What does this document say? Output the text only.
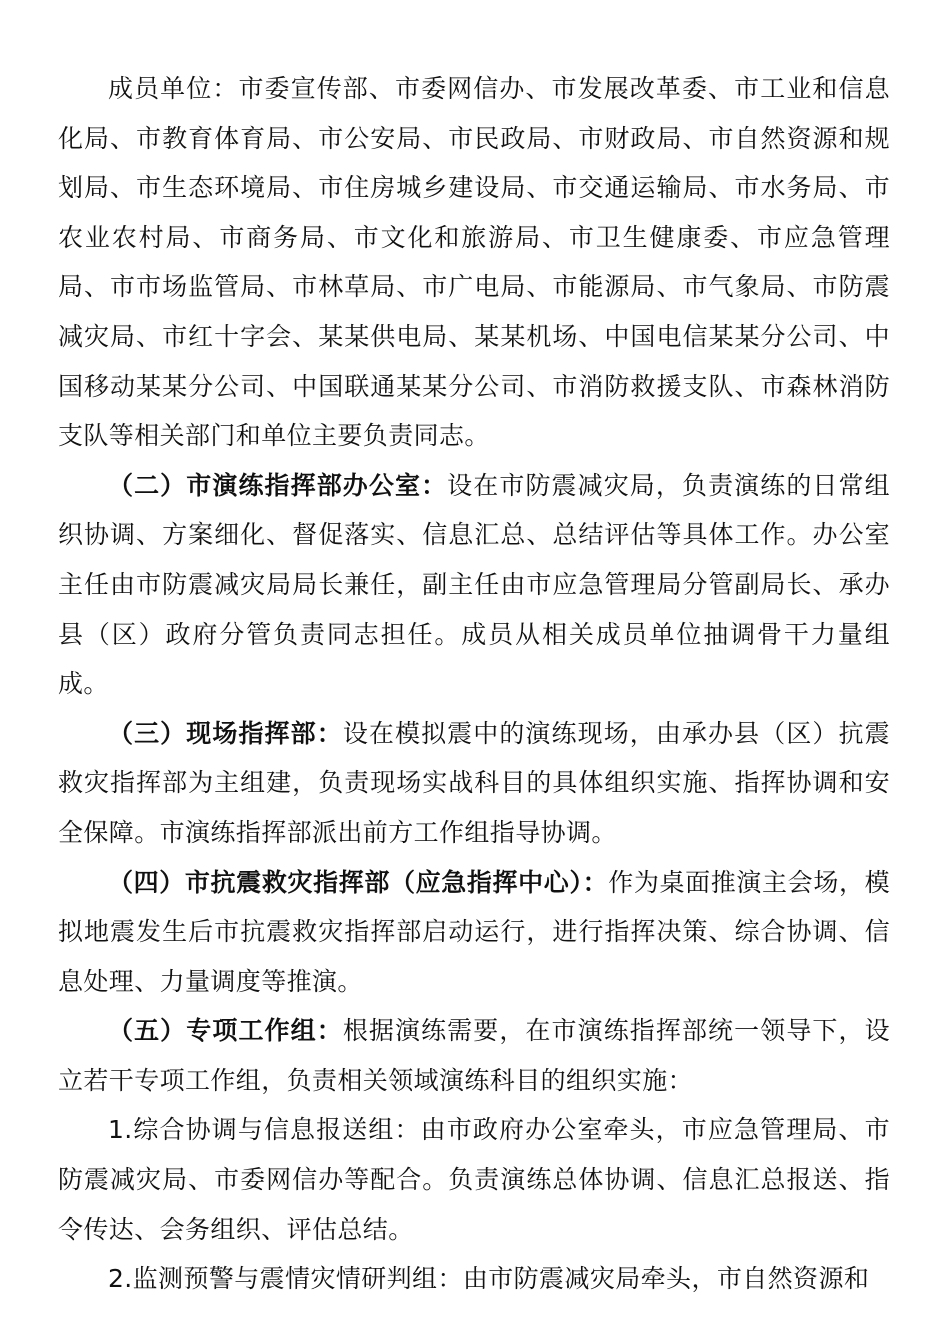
成员单位：市委宣传部、市委网信办、市发展改革委、市工业和信息化局、市教育体育局、市公安局、市民政局、市财政局、市自然资源和规划局、市生态环境局、市住房城乡建设局、市交通运输局、市水务局、市农业农村局、市商务局、市文化和旅游局、市卫生健康委、市应急管理局、市市场监管局、市林草局、市广电局、市能源局、市气象局、市防震减灾局、市红十字会、某某供电局、某某机场、中国电信某某分公司、中国移动某某分公司、中国联通某某分公司、市消防救援支队、市森林消防支队等相关部门和单位主要负责同志。

（二）市演练指挥部办公室：设在市防震减灾局，负责演练的日常组织协调、方案细化、督促落实、信息汇总、总结评估等具体工作。办公室主任由市防震减灾局局长兼任，副主任由市应急管理局分管副局长、承办县（区）政府分管负责同志担任。成员从相关成员单位抽调骨干力量组成。

（三）现场指挥部：设在模拟震中的演练现场，由承办县（区）抗震救灾指挥部为主组建，负责现场实战科目的具体组织实施、指挥协调和安全保障。市演练指挥部派出前方工作组指导协调。

（四）市抗震救灾指挥部（应急指挥中心）：作为桌面推演主会场，模拟地震发生后市抗震救灾指挥部启动运行，进行指挥决策、综合协调、信息处理、力量调度等推演。

（五）专项工作组：根据演练需要，在市演练指挥部统一领导下，设立若干专项工作组，负责相关领域演练科目的组织实施：

1.综合协调与信息报送组：由市政府办公室牵头，市应急管理局、市防震减灾局、市委网信办等配合。负责演练总体协调、信息汇总报送、指令传达、会务组织、评估总结。

2.监测预警与震情灾情研判组：由市防震减灾局牵头，市自然资源和
